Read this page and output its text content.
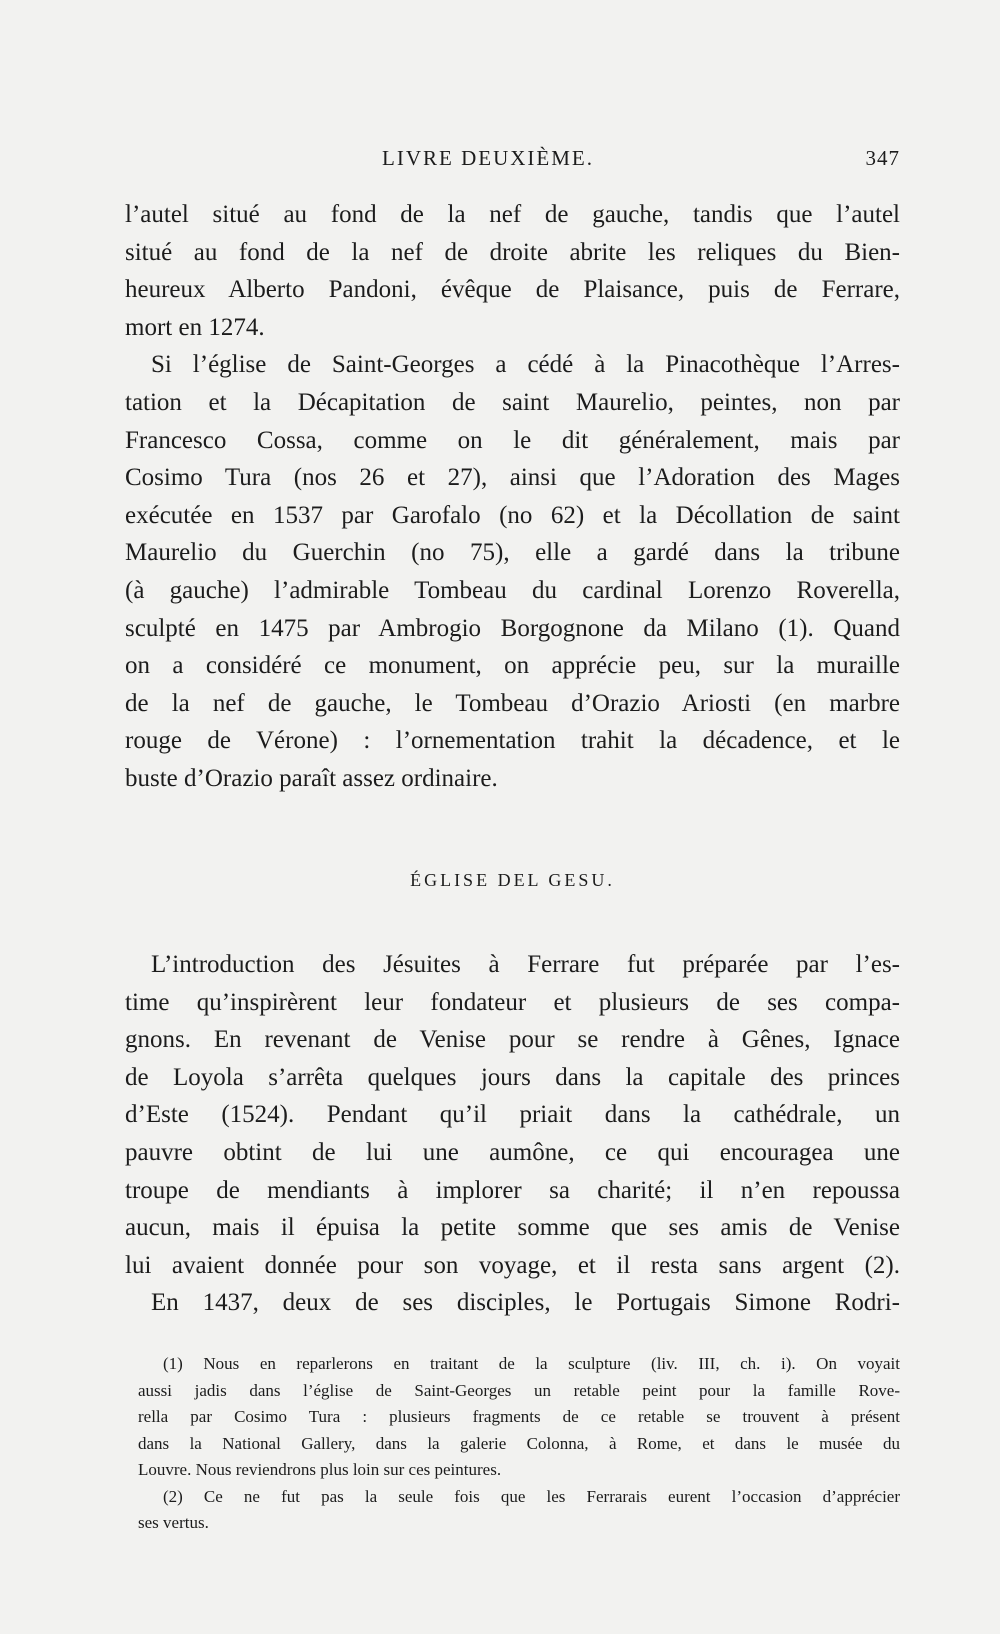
LIVRE DEUXIÈME.	347
l’autel situé au fond de la nef de gauche, tandis que l’autel
situé au fond de la nef de droite abrite les reliques du Bien-
heureux Alberto Pandoni, évêque de Plaisance, puis de Ferrare,
mort en 1274.
Si l’église de Saint-Georges a cédé à la Pinacothèque l’Arres-
tation et la Décapitation de saint Maurelio, peintes, non par
Francesco Cossa, comme on le dit généralement, mais par
Cosimo Tura (nos 26 et 27), ainsi que l’Adoration des Mages
exécutée en 1537 par Garofalo (no 62) et la Décollation de saint
Maurelio du Guerchin (no 75), elle a gardé dans la tribune
(à gauche) l’admirable Tombeau du cardinal Lorenzo Roverella,
sculpté en 1475 par Ambrogio Borgognone da Milano (1). Quand
on a considéré ce monument, on apprécie peu, sur la muraille
de la nef de gauche, le Tombeau d’Orazio Ariosti (en marbre
rouge de Vérone) : l’ornementation trahit la décadence, et le
buste d’Orazio paraît assez ordinaire.
ÉGLISE DEL GESU.
L’introduction des Jésuites à Ferrare fut préparée par l’es-
time qu’inspirèrent leur fondateur et plusieurs de ses compa-
gnons. En revenant de Venise pour se rendre à Gênes, Ignace
de Loyola s’arrêta quelques jours dans la capitale des princes
d’Este (1524). Pendant qu’il priait dans la cathédrale, un
pauvre obtint de lui une aumône, ce qui encouragea une
troupe de mendiants à implorer sa charité; il n’en repoussa
aucun, mais il épuisa la petite somme que ses amis de Venise
lui avaient donnée pour son voyage, et il resta sans argent (2).
En 1437, deux de ses disciples, le Portugais Simone Rodri-
(1) Nous en reparlerons en traitant de la sculpture (liv. III, ch. i). On voyait
aussi jadis dans l’église de Saint-Georges un retable peint pour la famille Rove-
rella par Cosimo Tura : plusieurs fragments de ce retable se trouvent à présent
dans la National Gallery, dans la galerie Colonna, à Rome, et dans le musée du
Louvre. Nous reviendrons plus loin sur ces peintures.
(2) Ce ne fut pas la seule fois que les Ferrarais eurent l’occasion d’apprécier
ses vertus.
